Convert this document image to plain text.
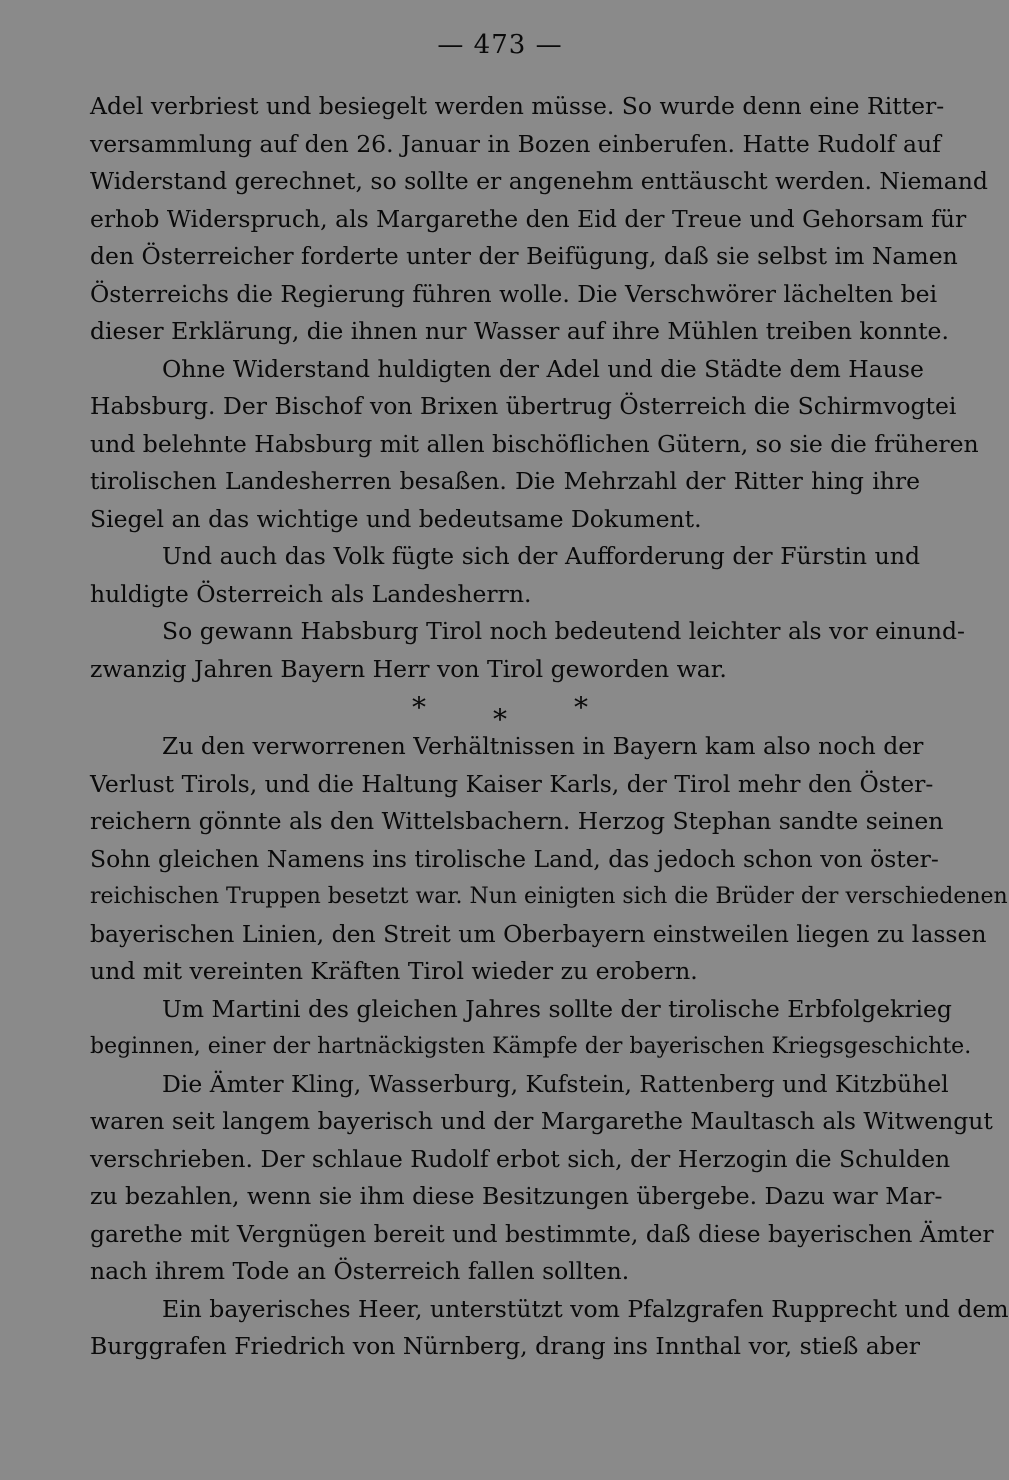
— 473 —
Adel verbriest und besiegelt werden müsse. So wurde denn eine Ritter-
versammlung auf den 26. Januar in Bozen einberufen. Hatte Rudolf auf
Widerstand gerechnet, so sollte er angenehm enttäuscht werden. Niemand
erhob Widerspruch, als Margarethe den Eid der Treue und Gehorsam für
den Österreicher forderte unter der Beifügung, daß sie selbst im Namen
Österreichs die Regierung führen wolle. Die Verschwörer lächelten bei
dieser Erklärung, die ihnen nur Wasser auf ihre Mühlen treiben konnte.
Ohne Widerstand huldigten der Adel und die Städte dem Hause
Habsburg. Der Bischof von Brixen übertrug Österreich die Schirmvogtei
und belehnte Habsburg mit allen bischöflichen Gütern, so sie die früheren
tirolischen Landesherren besaßen. Die Mehrzahl der Ritter hing ihre
Siegel an das wichtige und bedeutsame Dokument.
Und auch das Volk fügte sich der Aufforderung der Fürstin und
huldigte Österreich als Landesherrn.
So gewann Habsburg Tirol noch bedeutend leichter als vor einund-
zwanzig Jahren Bayern Herr von Tirol geworden war.
* * *
Zu den verworrenen Verhältnissen in Bayern kam also noch der
Verlust Tirols, und die Haltung Kaiser Karls, der Tirol mehr den Öster-
reichern gönnte als den Wittelsbachern. Herzog Stephan sandte seinen
Sohn gleichen Namens ins tirolische Land, das jedoch schon von öster-
reichischen Truppen besetzt war. Nun einigten sich die Brüder der verschiedenen
bayerischen Linien, den Streit um Oberbayern einstweilen liegen zu lassen
und mit vereinten Kräften Tirol wieder zu erobern.
Um Martini des gleichen Jahres sollte der tirolische Erbfolgekrieg
beginnen, einer der hartnäckigsten Kämpfe der bayerischen Kriegsgeschichte.
Die Ämter Kling, Wasserburg, Kufstein, Rattenberg und Kitzbühel
waren seit langem bayerisch und der Margarethe Maultasch als Witwengut
verschrieben. Der schlaue Rudolf erbot sich, der Herzogin die Schulden
zu bezahlen, wenn sie ihm diese Besitzungen übergebe. Dazu war Mar-
garethe mit Vergnügen bereit und bestimmte, daß diese bayerischen Ämter
nach ihrem Tode an Österreich fallen sollten.
Ein bayerisches Heer, unterstützt vom Pfalzgrafen Rupprecht und dem
Burggrafen Friedrich von Nürnberg, drang ins Innthal vor, stieß aber
